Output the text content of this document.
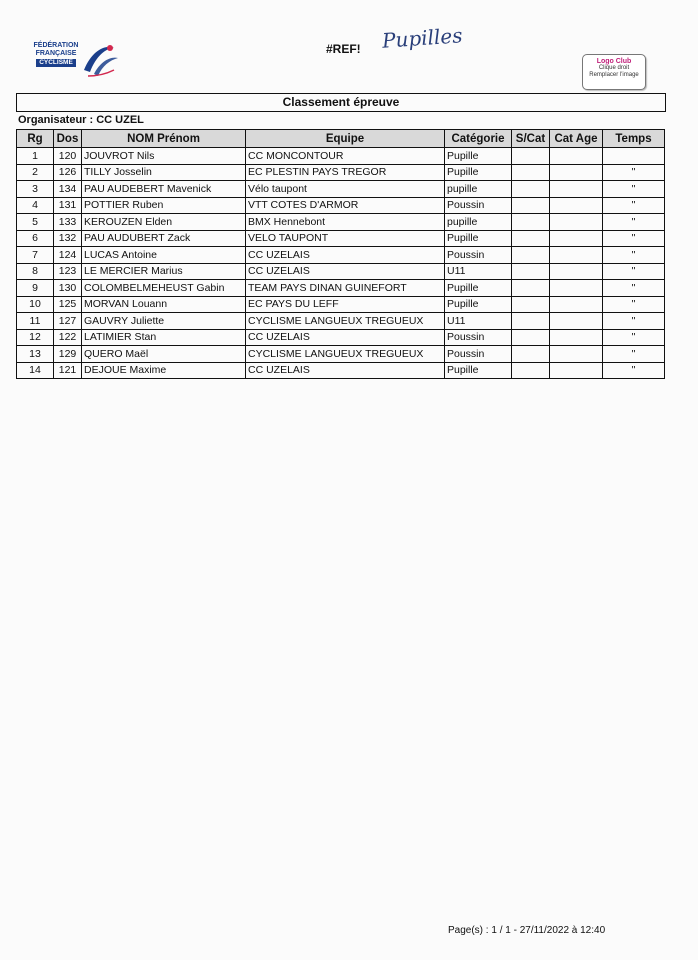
FÉDÉRATION
FRANÇAISE
CYCLISME
#REF! Pupilles
Logo Club
Clique droit
Remplacer l'image
Classement épreuve
Organisateur : CC UZEL
Rg	Dos	NOM Prénom	Equipe	Catégorie	S/Cat	Cat Age	Temps
1	120	JOUVROT Nils	CC MONCONTOUR	Pupille			
2	126	TILLY Josselin	EC PLESTIN PAYS TREGOR	Pupille			"
3	134	PAU AUDEBERT Mavenick	Vélo taupont	pupille			"
4	131	POTTIER Ruben	VTT COTES D'ARMOR	Poussin			"
5	133	KEROUZEN Elden	BMX Hennebont	pupille			"
6	132	PAU AUDUBERT Zack	VELO TAUPONT	Pupille			"
7	124	LUCAS Antoine	CC UZELAIS	Poussin			"
8	123	LE MERCIER Marius	CC UZELAIS	U11			"
9	130	COLOMBELMEHEUST Gabin	TEAM PAYS DINAN GUINEFORT	Pupille			"
10	125	MORVAN Louann	EC PAYS DU LEFF	Pupille			"
11	127	GAUVRY Juliette	CYCLISME LANGUEUX TREGUEUX	U11			"
12	122	LATIMIER Stan	CC UZELAIS	Poussin			"
13	129	QUERO Maël	CYCLISME LANGUEUX TREGUEUX	Poussin			"
14	121	DEJOUE Maxime	CC UZELAIS	Pupille			"
Page(s) : 1 / 1 - 27/11/2022 à 12:40
